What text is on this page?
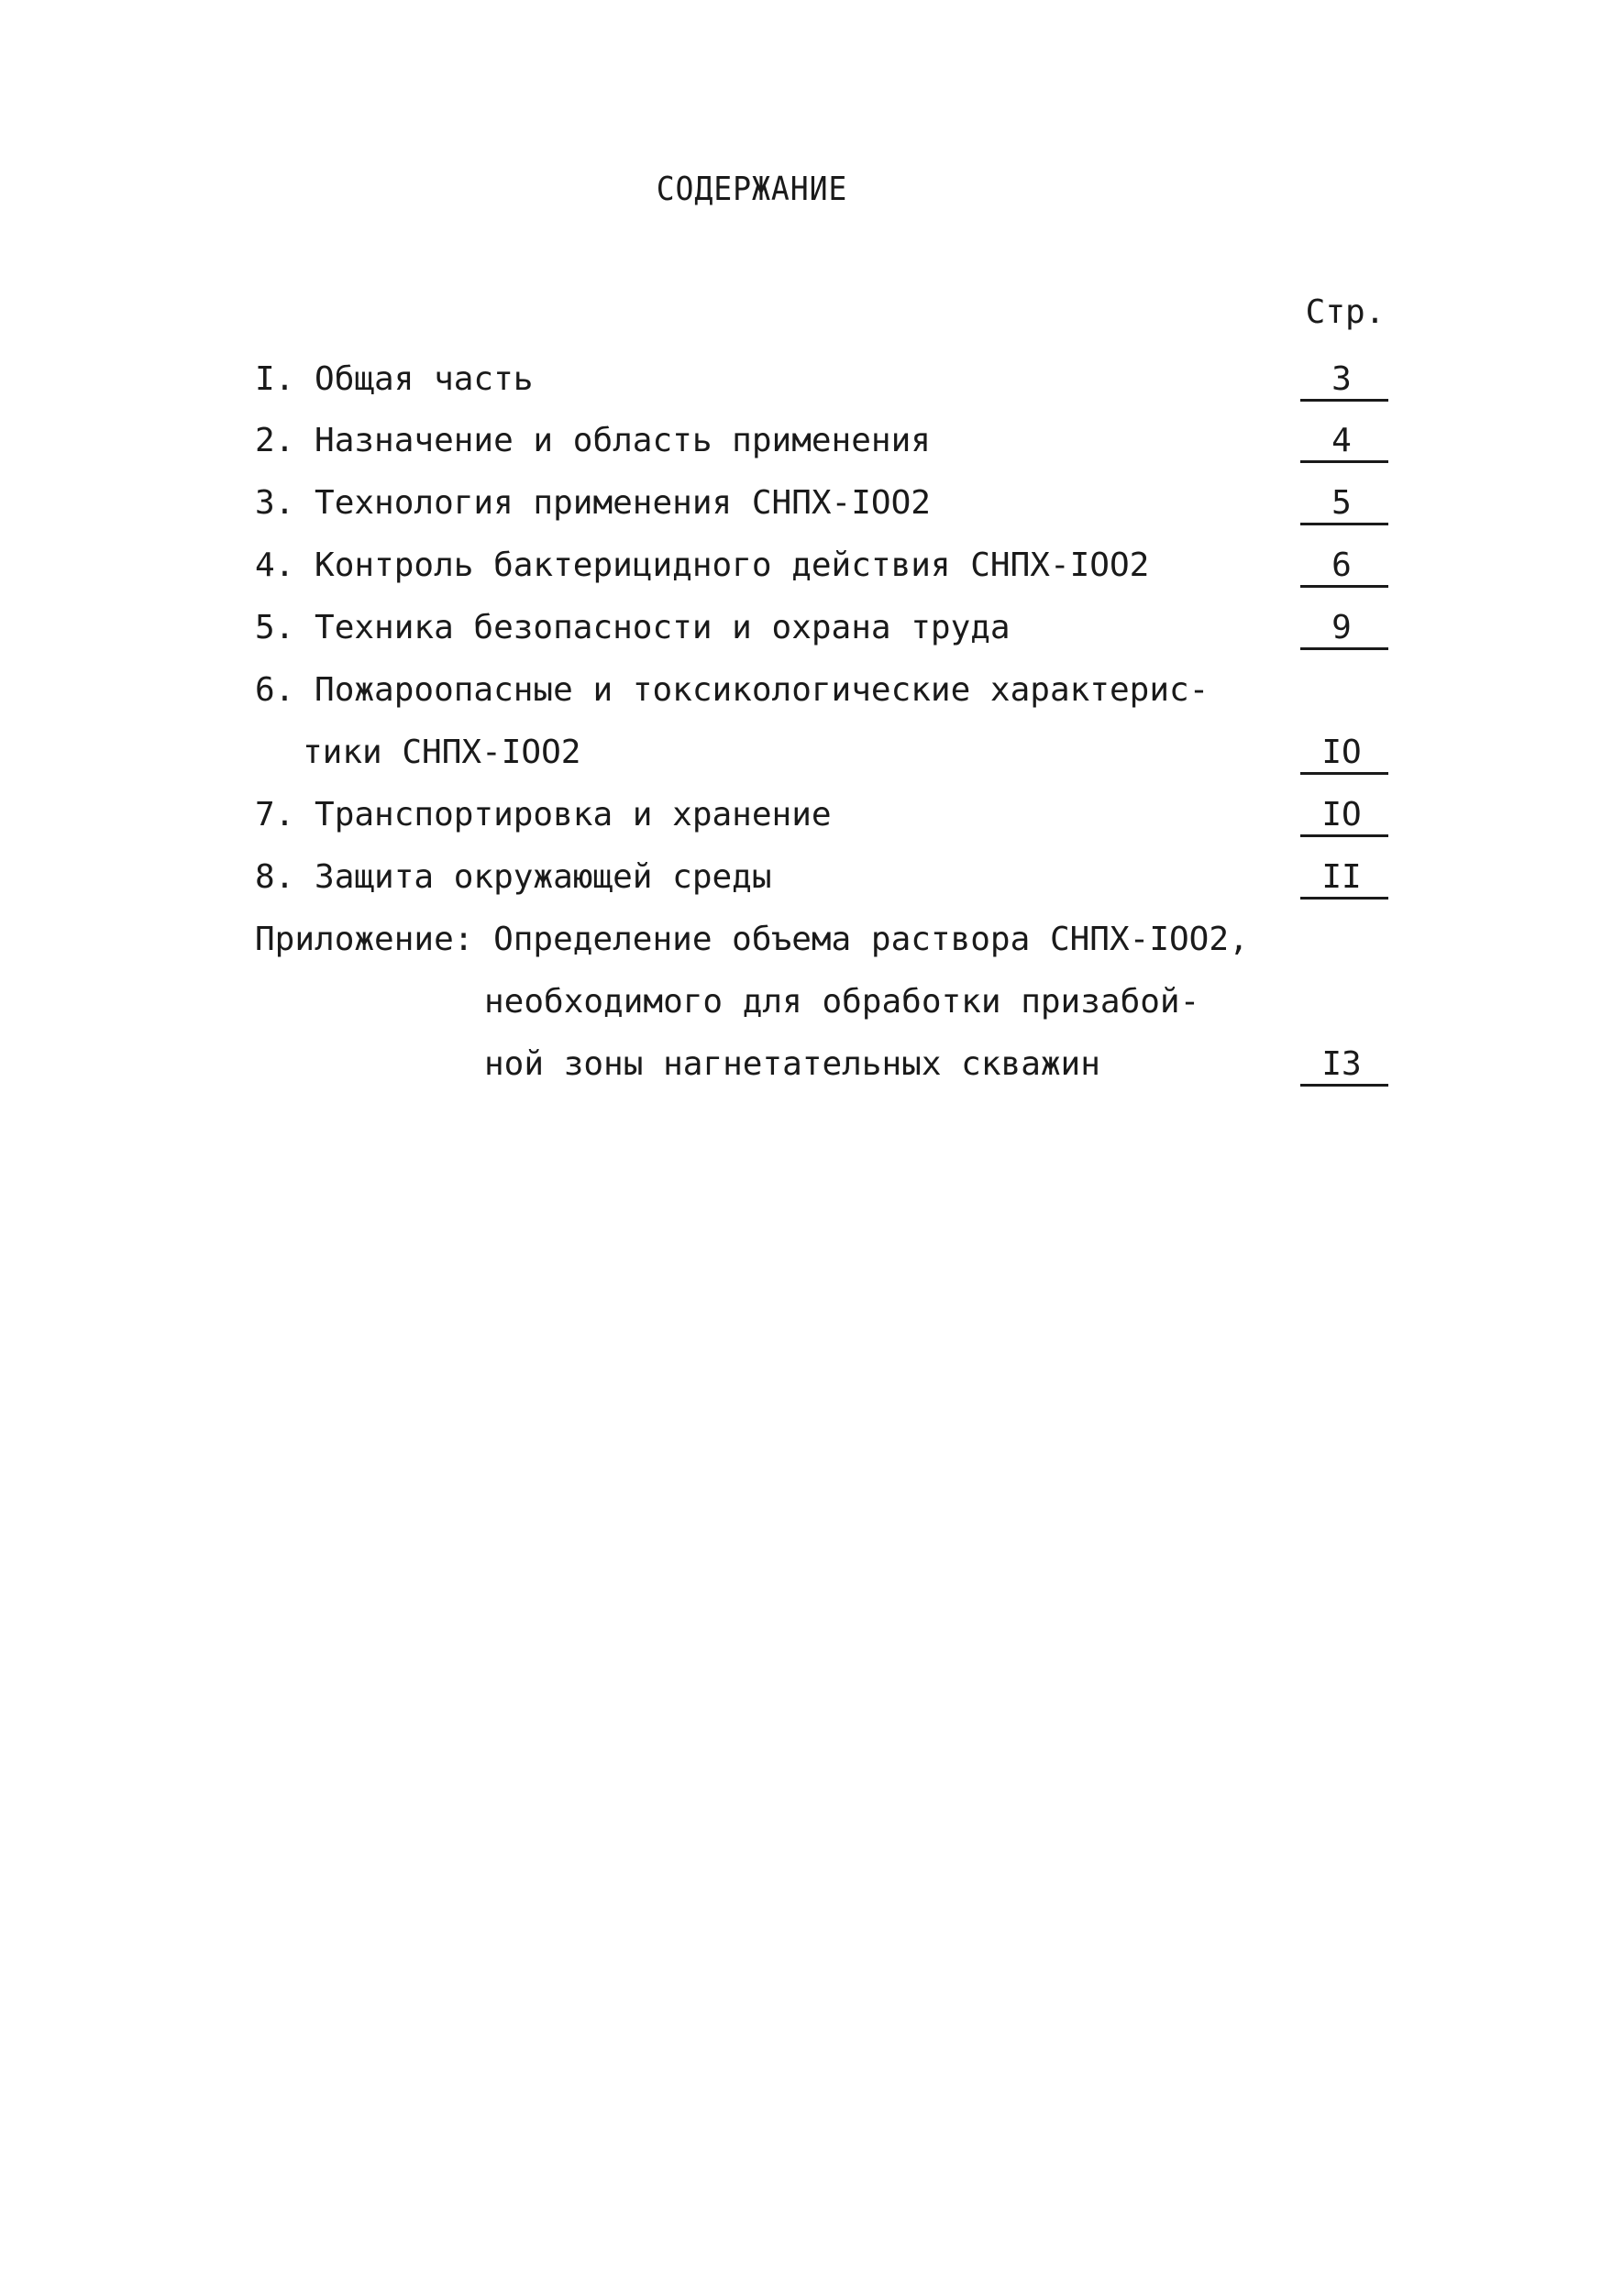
СОДЕРЖАНИЕ
Стр.
I. Общая часть	3
2. Назначение и область применения	4
3. Технология применения СНПХ-IOO2	5
4. Контроль бактерицидного действия СНПХ-IOO2	6
5. Техника безопасности и охрана труда	9
6. Пожароопасные и токсикологические характерис-
тики СНПХ-IOO2	IO
7. Транспортировка и хранение	IO
8. Защита окружающей среды	II
Приложение: Определение объема раствора СНПХ-IOO2,
необходимого для обработки призабой-
ной зоны нагнетательных скважин	I3
